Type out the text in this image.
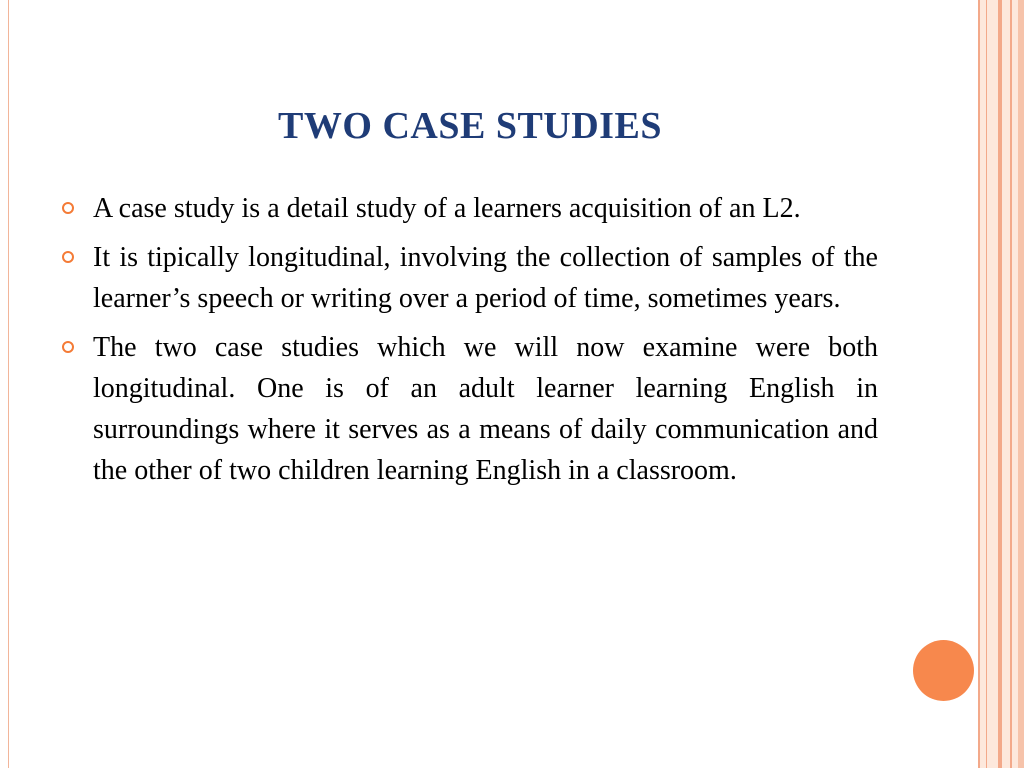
TWO CASE STUDIES
A case study is a detail study of a learners acquisition of an L2.
It is tipically longitudinal, involving the collection of samples of the learner’s speech or writing over a period of time, sometimes years.
The two case studies which we will now examine were both longitudinal. One is of an adult learner learning English in surroundings where it serves as a means of daily communication and the other of two children learning English in a classroom.
